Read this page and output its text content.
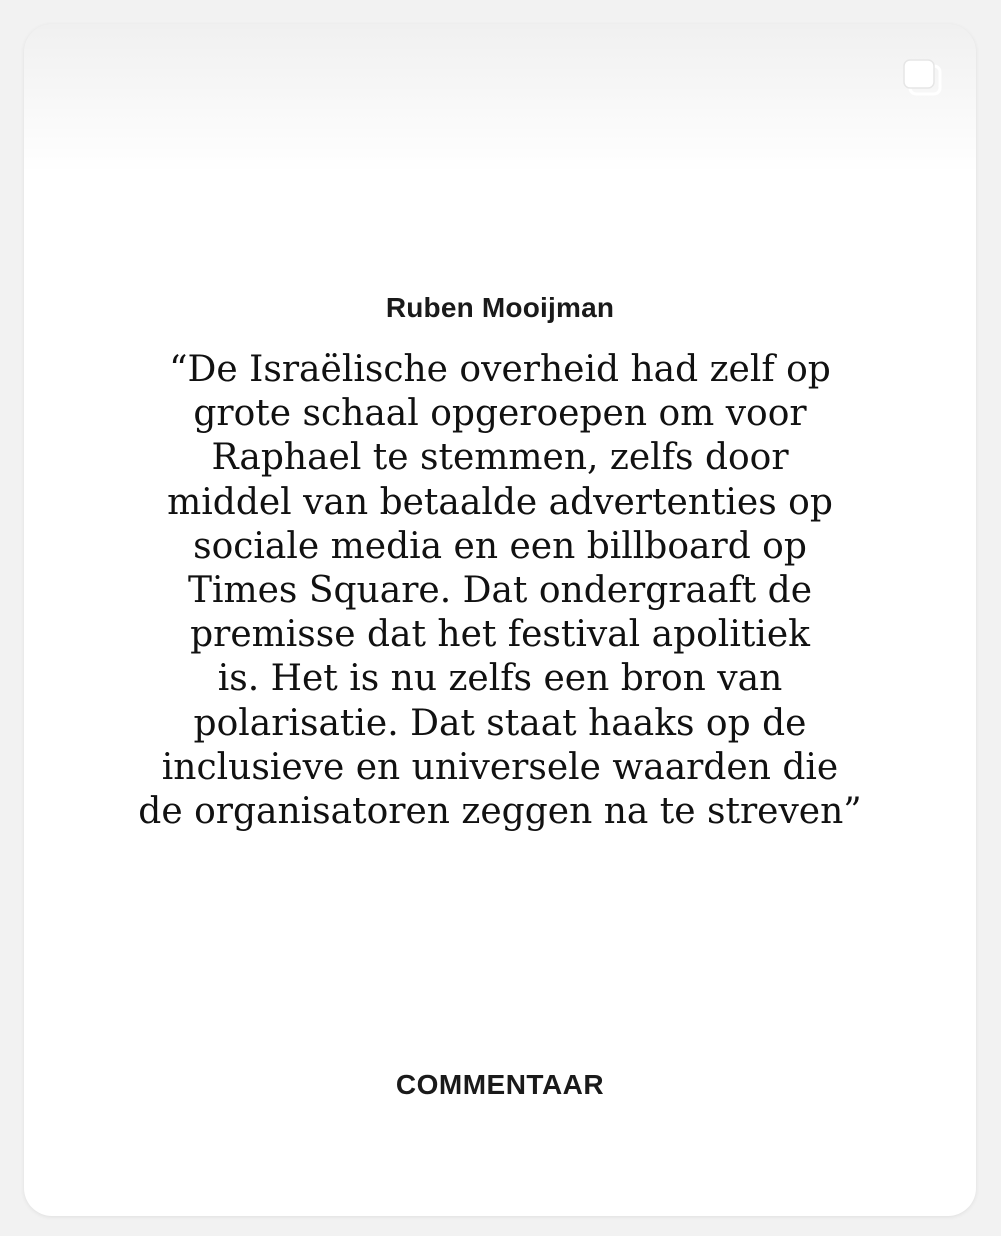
Ruben Mooijman
“De Israëlische overheid had zelf op
grote schaal opgeroepen om voor
Raphael te stemmen, zelfs door
middel van betaalde advertenties op
sociale media en een billboard op
Times Square. Dat ondergraaft de
premisse dat het festival apolitiek
is. Het is nu zelfs een bron van
polarisatie. Dat staat haaks op de
inclusieve en universele waarden die
de organisatoren zeggen na te streven”
COMMENTAAR
